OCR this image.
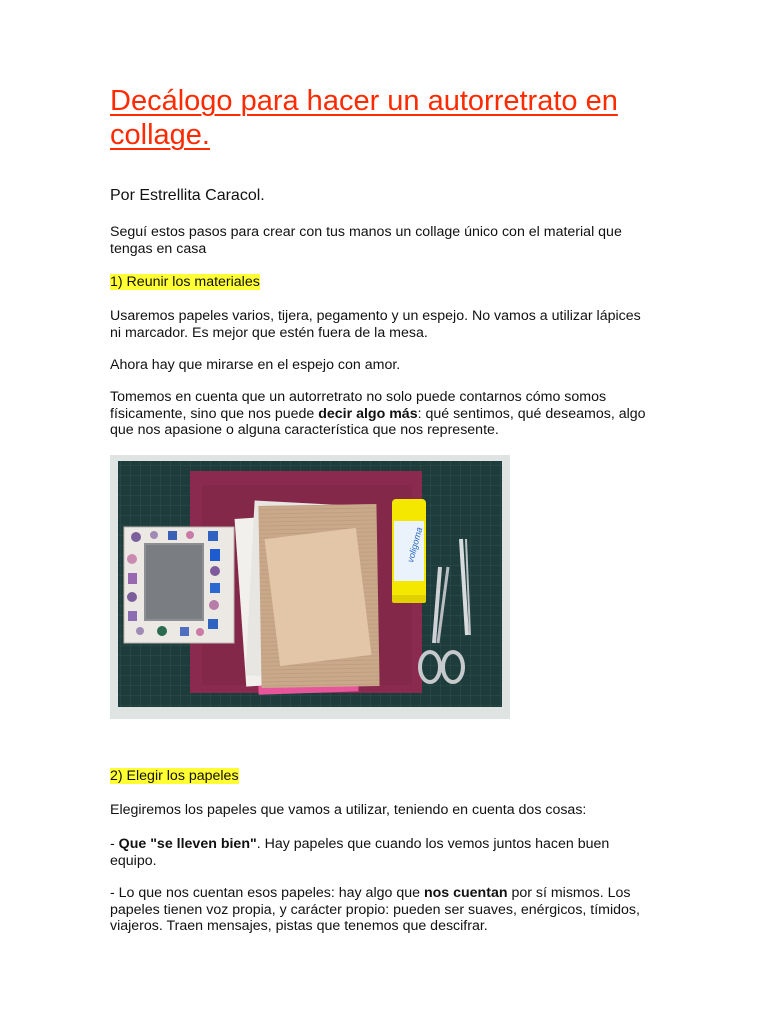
Decálogo para hacer un autorretrato en collage.
Por Estrellita Caracol.

Seguí estos pasos para crear con tus manos un collage único con el material que tengas en casa

1) Reunir los materiales

Usaremos papeles varios, tijera, pegamento y un espejo. No vamos a utilizar lápices ni marcador. Es mejor que estén fuera de la mesa.

Ahora hay que mirarse en el espejo con amor.

Tomemos en cuenta que un autorretrato no solo puede contarnos cómo somos físicamente, sino que nos puede decir algo más: qué sentimos, qué deseamos, algo que nos apasione o alguna característica que nos represente.

2) Elegir los papeles

Elegiremos los papeles que vamos a utilizar, teniendo en cuenta dos cosas:

- Que "se lleven bien". Hay papeles que cuando los vemos juntos hacen buen equipo.

- Lo que nos cuentan esos papeles: hay algo que nos cuentan por sí mismos. Los papeles tienen voz propia, y carácter propio: pueden ser suaves, enérgicos, tímidos, viajeros. Traen mensajes, pistas que tenemos que descifrar.

voligoma
